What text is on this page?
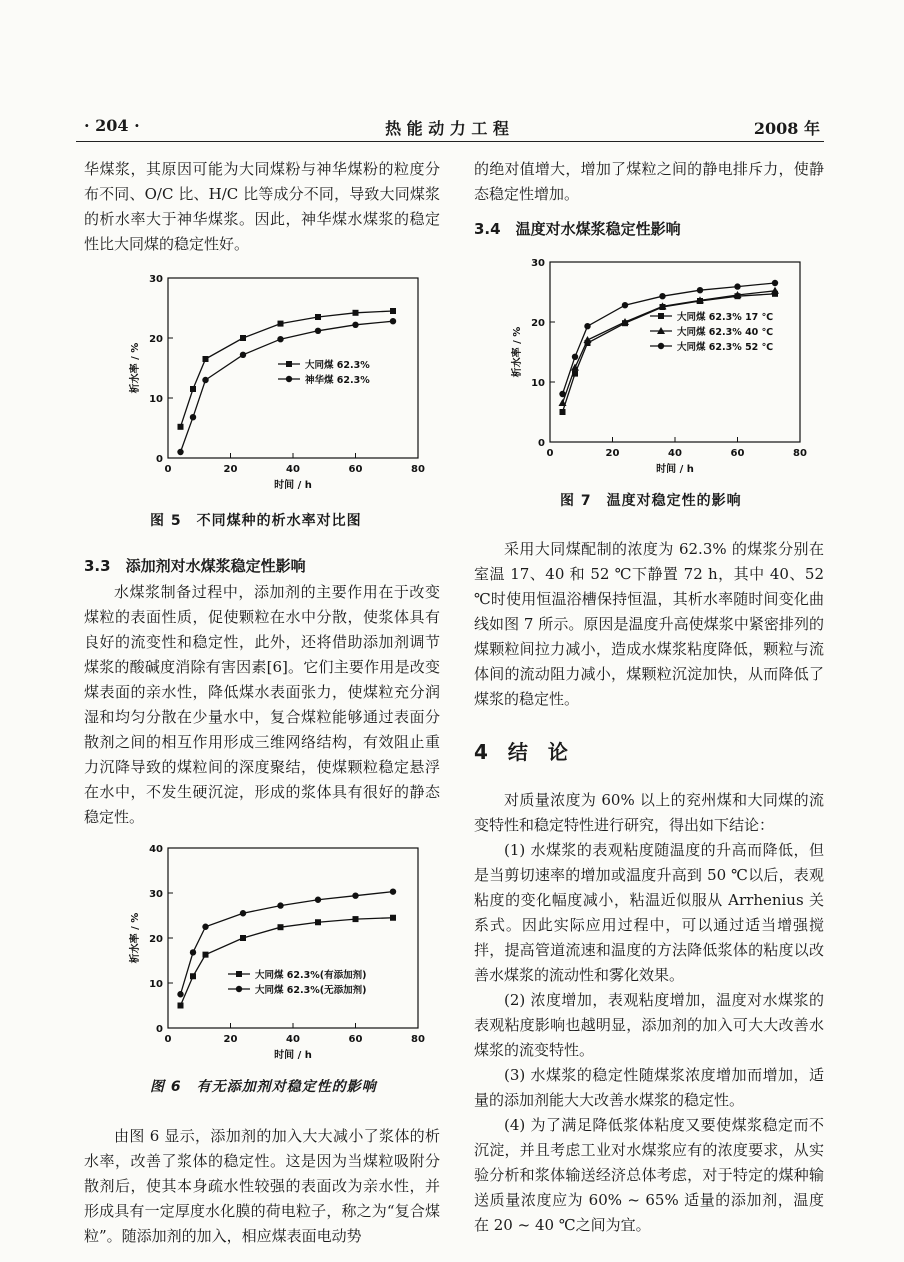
· 204 ·	热 能 动 力 工 程	2008 年

华煤浆，其原因可能为大同煤粉与神华煤粉的粒度分布不同、O/C 比、H/C 比等成分不同，导致大同煤浆的析水率大于神华煤浆。因此，神华煤水煤浆的稳定性比大同煤的稳定性好。

0	20	40	60	80
0
10
20
30
时间 / h
析水率 / %	大同煤 62.3%
神华煤 62.3%
图 5　不同煤种的析水率对比图
3.3　添加剂对水煤浆稳定性影响

水煤浆制备过程中，添加剂的主要作用在于改变煤粒的表面性质，促使颗粒在水中分散，使浆体具有良好的流变性和稳定性，此外，还将借助添加剂调节煤浆的酸碱度消除有害因素[6]。它们主要作用是改变煤表面的亲水性，降低煤水表面张力，使煤粒充分润湿和均匀分散在少量水中，复合煤粒能够通过表面分散剂之间的相互作用形成三维网络结构，有效阻止重力沉降导致的煤粒间的深度聚结，使煤颗粒稳定悬浮在水中，不发生硬沉淀，形成的浆体具有很好的静态稳定性。

0	20	40	60	80
0
10
20
30
40
时间 / h
析水率 / %
大同煤 62.3%(有添加剂)
大同煤 62.3%(无添加剂)
图 6　有无添加剂对稳定性的影响

由图 6 显示，添加剂的加入大大减小了浆体的析水率，改善了浆体的稳定性。这是因为当煤粒吸附分散剂后，使其本身疏水性较强的表面改为亲水性，并形成具有一定厚度水化膜的荷电粒子，称之为“复合煤粒”。随添加剂的加入，相应煤表面电动势

的绝对值增大，增加了煤粒之间的静电排斥力，使静态稳定性增加。

3.4　温度对水煤浆稳定性影响
0	20	40	60	80
0
10
20
30
时间 / h
析水率 / %
大同煤 62.3% 17 ℃
大同煤 62.3% 40 ℃
大同煤 62.3% 52 ℃
图 7　温度对稳定性的影响

采用大同煤配制的浓度为 62.3% 的煤浆分别在室温 17、40 和 52 ℃下静置 72 h，其中 40、52 ℃时使用恒温浴槽保持恒温，其析水率随时间变化曲线如图 7 所示。原因是温度升高使煤浆中紧密排列的煤颗粒间拉力减小，造成水煤浆粘度降低，颗粒与流体间的流动阻力减小，煤颗粒沉淀加快，从而降低了煤浆的稳定性。

4　结　论

对质量浓度为 60% 以上的兖州煤和大同煤的流变特性和稳定特性进行研究，得出如下结论：

(1) 水煤浆的表观粘度随温度的升高而降低，但是当剪切速率的增加或温度升高到 50 ℃以后，表观粘度的变化幅度减小，粘温近似服从 Arrhenius 关系式。因此实际应用过程中，可以通过适当增强搅拌，提高管道流速和温度的方法降低浆体的粘度以改善水煤浆的流动性和雾化效果。

(2) 浓度增加，表观粘度增加，温度对水煤浆的表观粘度影响也越明显，添加剂的加入可大大改善水煤浆的流变特性。

(3) 水煤浆的稳定性随煤浆浓度增加而增加，适量的添加剂能大大改善水煤浆的稳定性。

(4) 为了满足降低浆体粘度又要使煤浆稳定而不沉淀，并且考虑工业对水煤浆应有的浓度要求，从实验分析和浆体输送经济总体考虑，对于特定的煤种输送质量浓度应为 60% ~ 65% 适量的添加剂，温度在 20 ~ 40 ℃之间为宜。
